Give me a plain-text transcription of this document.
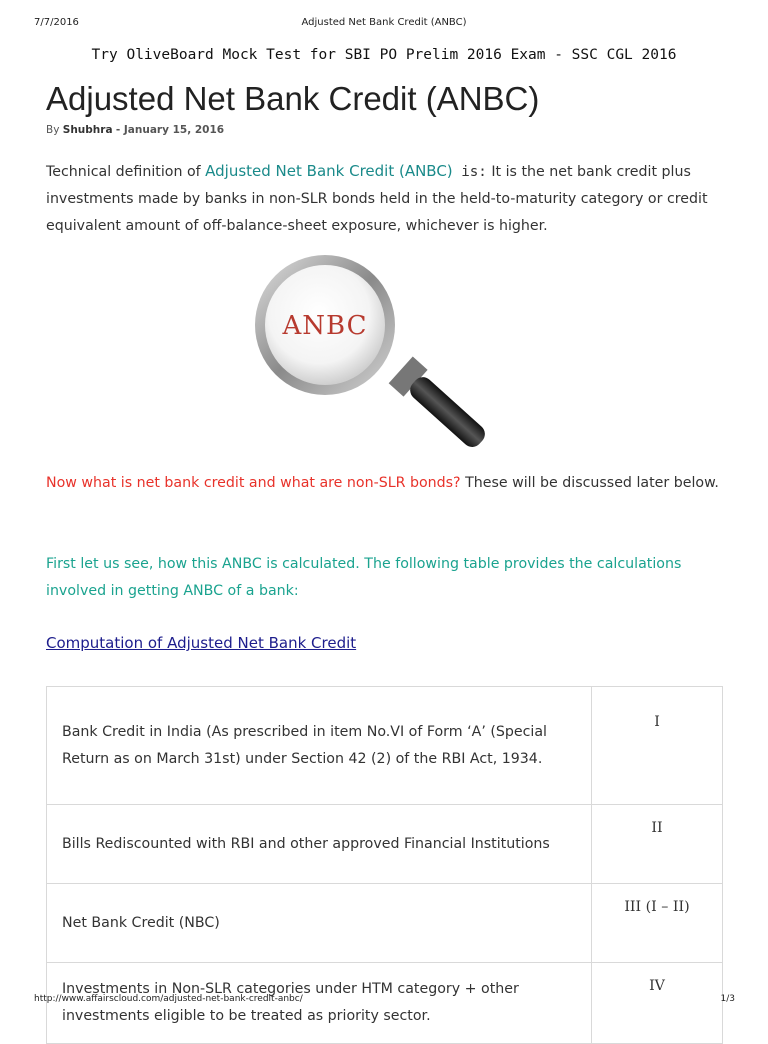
7/7/2016	Adjusted Net Bank Credit (ANBC)
Try OliveBoard Mock Test for SBI PO Prelim 2016 Exam - SSC CGL 2016
Adjusted Net Bank Credit (ANBC)
By Shubhra - January 15, 2016

Technical definition of Adjusted Net Bank Credit (ANBC) is: It is the net bank credit plus investments made by banks in non-SLR bonds held in the held-to-maturity category or credit equivalent amount of off-balance-sheet exposure, whichever is higher.

ANBC

Now what is net bank credit and what are non-SLR bonds? These will be discussed later below.

First let us see, how this ANBC is calculated. The following table provides the calculations involved in getting ANBC of a bank:

Computation of Adjusted Net Bank Credit
Bank Credit in India (As prescribed in item No.VI of Form ‘A’ (Special Return as on March 31st) under Section 42 (2) of the RBI Act, 1934.	I
Bills Rediscounted with RBI and other approved Financial Institutions	II
Net Bank Credit (NBC)	III (I – II)
Investments in Non-SLR categories under HTM category + other investments eligible to be treated as priority sector.	IV
http://www.affairscloud.com/adjusted-net-bank-credit-anbc/	1/3
